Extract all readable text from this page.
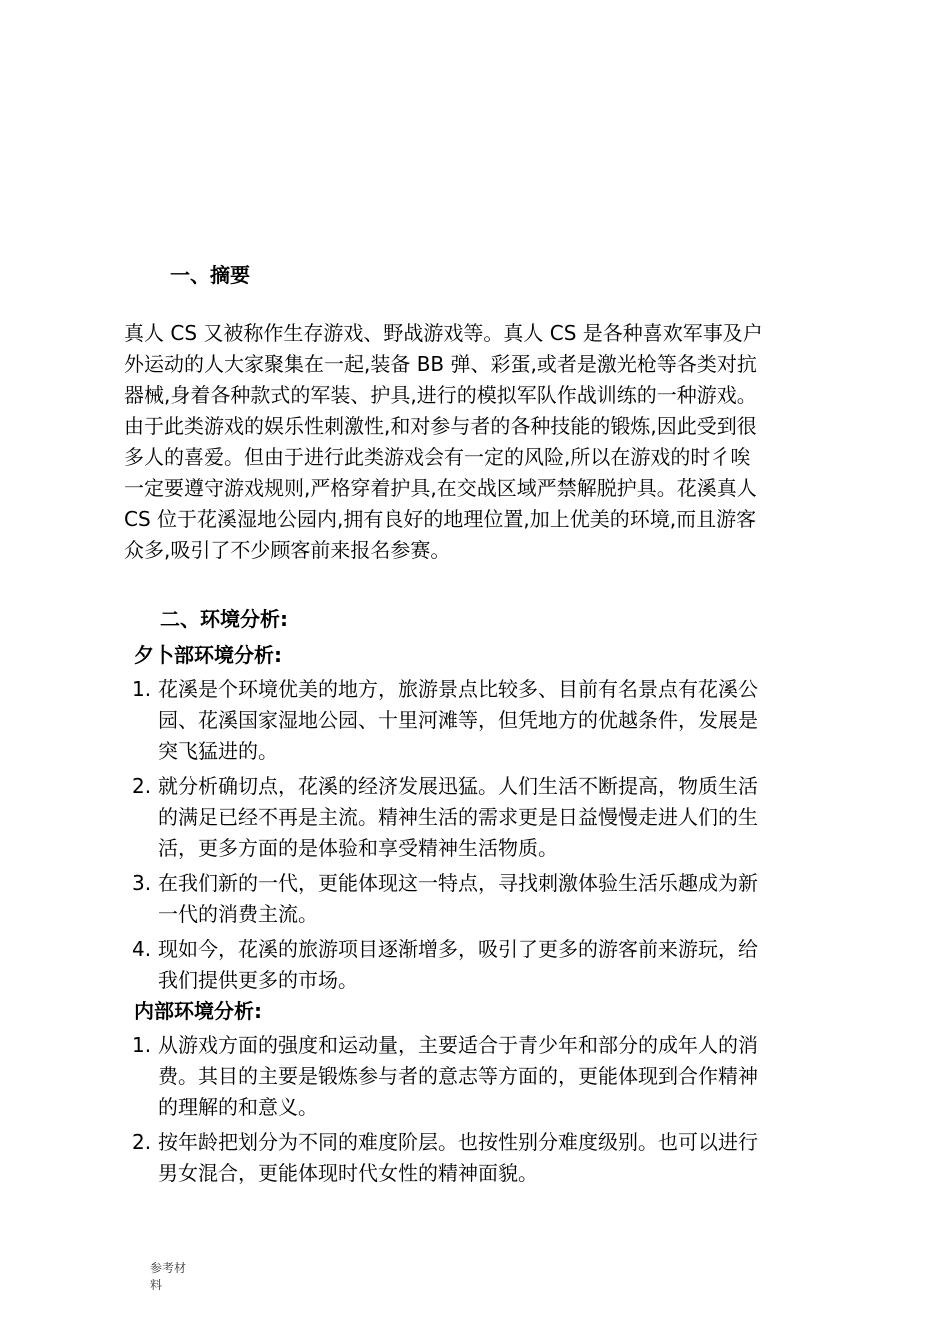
一、摘要

真人 CS 又被称作生存游戏、野战游戏等。真人 CS 是各种喜欢军事及户
外运动的人大家聚集在一起,装备 BB 弹、彩蛋,或者是激光枪等各类对抗
器械,身着各种款式的军装、护具,进行的模拟军队作战训练的一种游戏。
由于此类游戏的娱乐性刺激性,和对参与者的各种技能的锻炼,因此受到很
多人的喜爱。但由于进行此类游戏会有一定的风险,所以在游戏的时彳唉
一定要遵守游戏规则,严格穿着护具,在交战区域严禁解脱护具。花溪真人
CS 位于花溪湿地公园内,拥有良好的地理位置,加上优美的环境,而且游客
众多,吸引了不少顾客前来报名参赛。

二、环境分析:
夕卜部环境分析:
1. 花溪是个环境优美的地方，旅游景点比较多、目前有名景点有花溪公
园、花溪国家湿地公园、十里河滩等，但凭地方的优越条件，发展是
突飞猛进的。
2. 就分析确切点，花溪的经济发展迅猛。人们生活不断提高，物质生活
的满足已经不再是主流。精神生活的需求更是日益慢慢走进人们的生
活，更多方面的是体验和享受精神生活物质。
3. 在我们新的一代，更能体现这一特点，寻找刺激体验生活乐趣成为新
一代的消费主流。
4. 现如今，花溪的旅游项目逐渐增多，吸引了更多的游客前来游玩，给
我们提供更多的市场。
内部环境分析:
1. 从游戏方面的强度和运动量，主要适合于青少年和部分的成年人的消
费。其目的主要是锻炼参与者的意志等方面的，更能体现到合作精神
的理解的和意义。
2. 按年龄把划分为不同的难度阶层。也按性别分难度级别。也可以进行
男女混合，更能体现时代女性的精神面貌。
参考材
料
